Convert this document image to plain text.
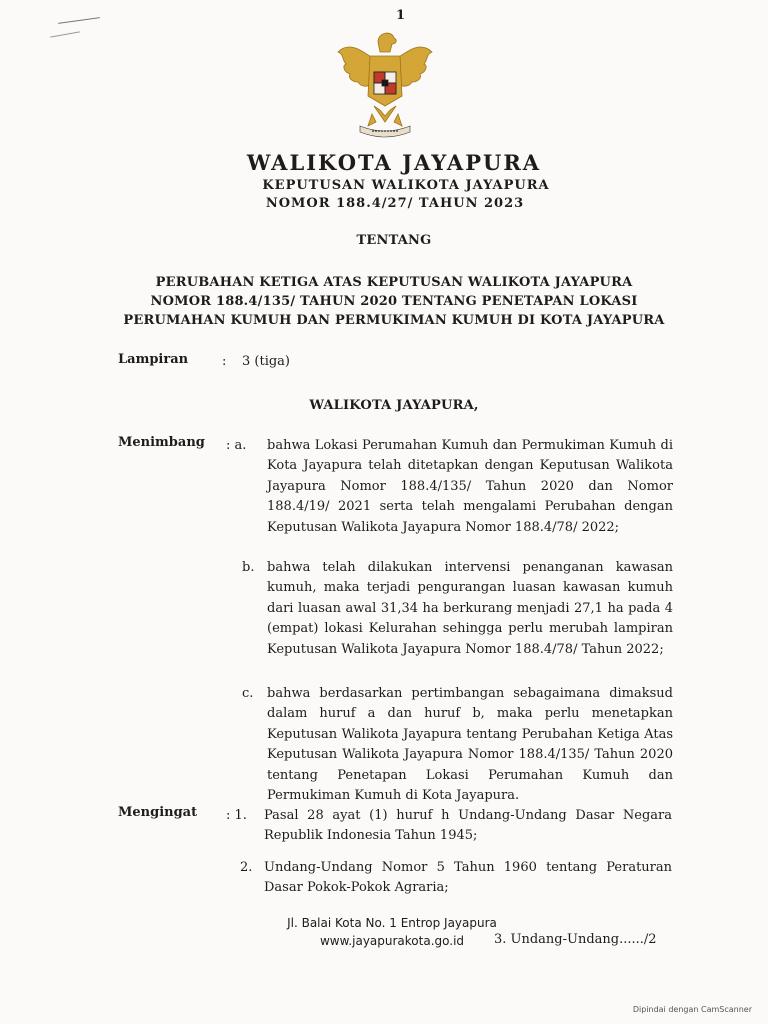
1
WALIKOTA JAYAPURA
KEPUTUSAN WALIKOTA JAYAPURA
NOMOR 188.4/27/ TAHUN 2023
TENTANG
PERUBAHAN KETIGA ATAS KEPUTUSAN WALIKOTA JAYAPURA
NOMOR 188.4/135/ TAHUN 2020 TENTANG PENETAPAN LOKASI
PERUMAHAN KUMUH DAN PERMUKIMAN KUMUH DI KOTA JAYAPURA
Lampiran	: 3 (tiga)
WALIKOTA JAYAPURA,
Menimbang : a. bahwa Lokasi Perumahan Kumuh dan Permukiman Kumuh di Kota Jayapura telah ditetapkan dengan Keputusan Walikota Jayapura Nomor 188.4/135/ Tahun 2020 dan Nomor 188.4/19/ 2021 serta telah mengalami Perubahan dengan Keputusan Walikota Jayapura Nomor 188.4/78/ 2022;
b. bahwa telah dilakukan intervensi penanganan kawasan kumuh, maka terjadi pengurangan luasan kawasan kumuh dari luasan awal 31,34 ha berkurang menjadi 27,1 ha pada 4 (empat) lokasi Kelurahan sehingga perlu merubah lampiran Keputusan Walikota Jayapura Nomor 188.4/78/ Tahun 2022;
c. bahwa berdasarkan pertimbangan sebagaimana dimaksud dalam huruf a dan huruf b, maka perlu menetapkan Keputusan Walikota Jayapura tentang Perubahan Ketiga Atas Keputusan Walikota Jayapura Nomor 188.4/135/ Tahun 2020 tentang Penetapan Lokasi Perumahan Kumuh dan Permukiman Kumuh di Kota Jayapura.
Mengingat : 1. Pasal 28 ayat (1) huruf h Undang-Undang Dasar Negara Republik Indonesia Tahun 1945;
2. Undang-Undang Nomor 5 Tahun 1960 tentang Peraturan Dasar Pokok-Pokok Agraria;
Jl. Balai Kota No. 1 Entrop Jayapura
www.jayapurakota.go.id	3. Undang-Undang....../2
Dipindai dengan CamScanner
